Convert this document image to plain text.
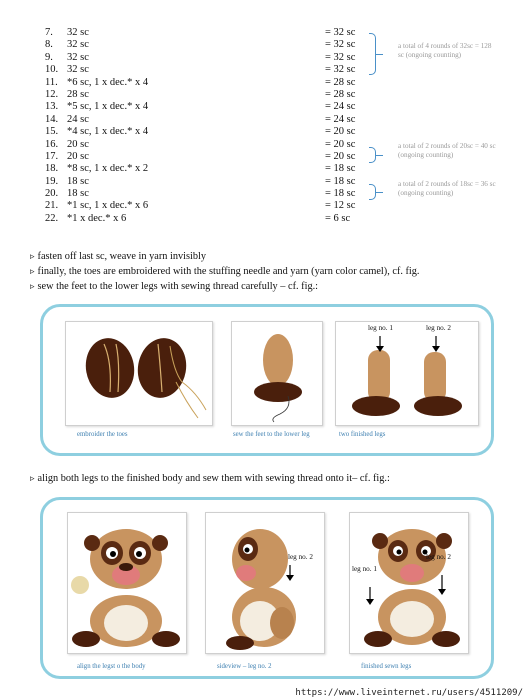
7.	32 sc	= 32 sc
8.	32 sc	= 32 sc
9.	32 sc	= 32 sc
10. 32 sc	= 32 sc
11. *6 sc, 1 x dec.* x 4	= 28 sc
12. 28 sc	= 28 sc
13. *5 sc, 1 x dec.* x 4	= 24 sc
14. 24 sc	= 24 sc
15. *4 sc, 1 x dec.* x 4	= 20 sc
16. 20 sc	= 20 sc
17. 20 sc	= 20 sc
18. *8 sc, 1 x dec.* x 2	= 18 sc
19. 18 sc	= 18 sc
20. 18 sc	= 18 sc
21. *1 sc, 1 x dec.* x 6	= 12 sc
22. *1 x dec.* x 6	= 6 sc
a total of 4 rounds of 32sc = 128 sc (ongoing counting)
a total of 2 rounds of 20sc = 40 sc (ongoing counting)
a total of 2 rounds of 18sc = 36 sc (ongoing counting)
▹ fasten off last sc, weave in yarn invisibly
▹ finally, the toes are embroidered with the stuffing needle and yarn (yarn color camel), cf. fig.
▹ sew the feet to the lower legs with sewing thread carefully – cf. fig.:
embroider the toes	sew the feet to the lower leg
leg no. 1	leg no. 2
two finished legs
▹ align both legs to the finished body and sew them with sewing thread onto it– cf. fig.:
align the legst o the body
leg no. 2
sideview – leg no. 2
leg no. 1
leg no. 2
finished sewn legs
https://www.liveinternet.ru/users/4511209/
